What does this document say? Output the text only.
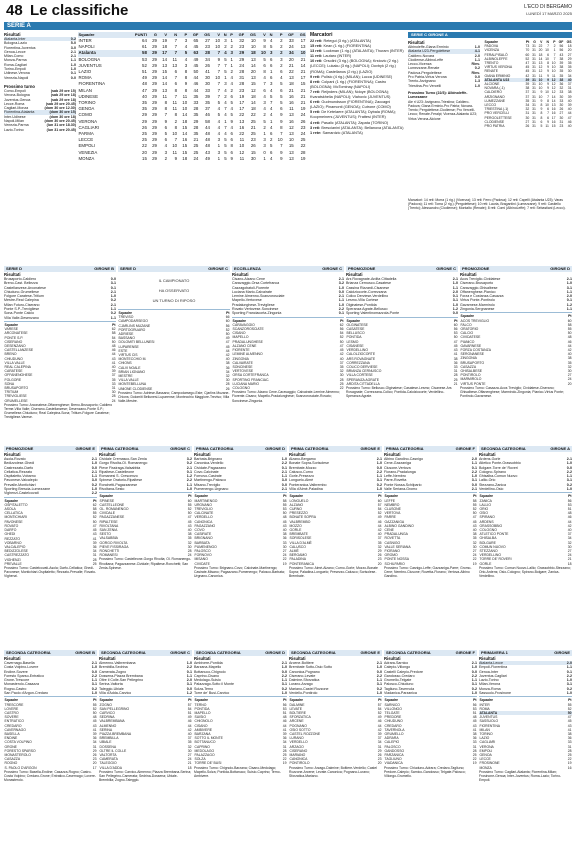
48 Le classifiche	L'ECO DI BERGAMO
LUNEDÌ 17 MARZO 2025
SERIE A
Risultati
Atalanta-Inter	0-2
Bologna-Lazio	5-0
Fiorentina-Juventus	3-0
Genoa-Lecce	2-1
Milan-Como	2-1
Monza-Parma	1-1
Roma-Cagliari	1-0
Torino-Empoli	1-0
Udinese-Verona	0-1
Venezia-Napoli	0-0
Prossimo turno
Como-Empoli	(sab 29 ore 15)
Verona-Bologna	(sab 29 ore 18)
Juventus-Genoa	(sab 29 ore 18)
Lecce-Roma	(sab 29 ore 20.45)
Cagliari-Monza	(dom 30 ore 12.30)
Fiorentina-Atalanta	(dom 30 ore 15)
Inter-Udinese	(dom 30 ore 18)
Napoli-Milan	(dom 30 ore 20.45)
Venezia-Parma	(lun 31 ore 18.30)
Lazio-Torino	(lun 31 ore 20.45)
Squadre	PUNTI	G	V	N	P	GF	GS	V	N	P	GF	GS	V	N	P	GF	GS
INTER	64	29	19	7	3	65	27	10	3	1	32	10	9	4	2	33	17
NAPOLI	61	29	18	7	4	45	23	10	2	2	23	10	8	5	2	24	13
Atalanta	58	29	17	7	5	63	28	7	4	3	29	18	10	3	2	34	10
BOLOGNA	53	29	14	11	4	49	34	9	5	1	29	13	5	6	3	20	21
JUVENTUS	52	29	13	13	3	45	26	7	7	1	24	14	6	6	2	21	14
LAZIO	51	29	15	6	8	50	41	7	5	2	28	20	8	1	6	22	21
ROMA	49	29	14	7	8	44	30	10	1	4	31	13	4	6	4	13	17
FIORENTINA	48	29	14	6	9	46	30	7	3	4	28	15	7	3	5	18	15
MILAN	47	29	13	8	8	44	33	7	4	2	23	12	6	4	6	21	21
UDINESE	40	29	11	7	11	35	39	7	2	6	19	18	4	5	5	16	21
TORINO	35	29	8	11	10	33	35	5	4	5	17	14	3	7	5	16	21
GENOA	35	29	8	11	10	28	37	4	7	4	17	18	4	4	6	11	19
COMO	29	29	7	8	14	35	46	5	4	5	22	22	2	4	9	13	24
VERONA	29	29	9	2	18	29	58	4	1	9	13	25	5	1	9	16	26
CAGLIARI	26	29	6	8	15	28	44	4	7	4	16	21	2	4	8	12	23
PARMA	25	29	5	10	14	35	48	4	4	6	22	25	1	6	7	13	24
LECCE	25	29	6	7	16	21	48	3	5	6	11	23	3	2	10	10	25
EMPOLI	22	29	4	10	15	25	48	1	5	8	10	26	3	5	7	15	22
VENEZIA	20	29	3	11	15	25	43	3	5	6	12	15	0	6	9	13	28
MONZA	15	29	2	9	18	24	49	1	5	9	11	30	1	4	9	13	19
Marcatori
22 reti: Retegui (3 rig.) (ATALANTA)
15 reti: Kean (1 rig.) (FIORENTINA)
13 reti: Lookman (1 rig.) (ATALANTA); Thuram (INTER)
11 reti: Lautaro (INTER)
10 reti: Orsolini (3 rig.) (BOLOGNA); Krstovic (2 rig.) (LECCE); Lukaku (3 rig.) (NAPOLI); Dovbyk (2 rig.) (ROMA); Castellanos (2 rig.) (LAZIO)
9 reti: Pulisic (4 rig.) (MILAN); Lucca (UDINESE)
8 reti: Colpani (1 rig.) (FIORENTINA); Castro (BOLOGNA); McTominay (NAPOLI)
7 reti: Reijnders (MILAN); Ndoye (BOLOGNA); Kvaratskhelia (NAPOLI); Vlahovic (JUVENTUS)
6 reti: Gudmundsson (FIORENTINA); Zaccagni (LAZIO); Pinamonti (GENOA); Cutrone (COMO)
5 reti: De Ketelaere (ATALANTA); Dybala (ROMA); Koopmeiners (JUVENTUS); Frattesi (INTER)
4 reti: Pasalic (ATALANTA); Zapata (TORINO)
3 reti: Brescianini (ATALANTA); Bellanova (ATALANTA)
1 rete: Samardzic (ATALANTA)
SERIE C GIRONE A
Risultati
Albinoleffe-Giana Erminio	1-0
Atalanta U23-Pergolettese	4-1
Caldiero-Novara	2-0
Clodiense-AlbinoLeffe	1-1
Lecco-Vicenza	Rinv.
Lumezzane-Renate	0-2
Padova-Pergolettese	Rinv.
Pro Patria-Virtus Verona	0-0
Trento-Arzignano	1-3
Triestina-Pro Vercelli	1-0
Prossimo Turno (22/3): Albinoleffe-Lumezzane
Ale ri U23: Arzignano-Triestina; Caldiero-Padova; Giana Erminio-Pro Patria; Novara-Trento; Pergolettese-Clodiense; Pro Vercelli-Lecco; Renate-Feralpi; Vicenza-Atalanta U23; Virtus Verona-Alcione
Squadre	Pt	G	V	N	P	GF	GS
PADOVA	73	31	22	7	2	56	18
VICENZA	70	31	20	10	1	56	20
FERALPISALÒ	60	31	18	6	7	43	27
ALBINOLEFFE	52	31	14	10	7	38	29
TRENTO	47	31	13	8	10	39	35
VIRTUS VERONA	45	31	12	9	10	38	35
RENATE	45	31	12	9	10	35	30
GIANA ERMINIO	42	31	11	9	11	35	34
ATALANTA U23	39	31	10	9	12	38	40
ALCIONE	39	31	10	9	12	36	37
NOVARA (-1)	38	31	10	9	12	32	31
CALDIERO	37	31	9	10	12	33	38
ARZIGNANO	37	31	10	7	14	30	39
LUMEZZANE	35	31	9	8	14	33	40
LECCO	34	31	8	10	13	30	39
TRIESTINA (-1)	32	31	9	6	16	26	40
PRO VERCELLI	31	31	8	7	16	27	44
PERGOLETTESE	30	31	8	6	17	30	47
CLODIENSE	27	31	6	9	16	31	46
PRO PATRIA	26	31	5	11	15	23	40
Marcatori: 14 reti: Morra (1 rig.) (Vicenza); 13 reti: Ferro (Padova); 12 reti: Capelli (Atalanta U23); Varas (Padova); 11 reti: Toma (2 rig.) (Pergolettese); 10 reti: Lauria, Bragantini (Lumezzane); 9 reti: Castiello (Trento); Alessandro (Clodiense); Montalto (Renate); 8 reti: Comi (AlbinoLeffe); 7 reti: Sebastiani (Lecco).
SERIE D	GIRONE B
Risultati
Brusaporto-Caldiero	0-0
Breno-Cast. Bellezza	3-1
Castellanzese-Arconatese	0-1
Chiuduno-Grumellese	2-1
Folgore Caratese-Tritium	1-0
Mestre-Real Calepina	0-2
Milan Futuro-Ciserano	2-1
Ponte S.P.-Trevigliese	1-1
Sona-Ponte Calcio	0-2
Villa Valle-Desenzano	1-1
Squadre	Pt
VARESE	62
ARCONATESE	58
PONTE S.P.	54
CISERANO	50
DESENZANO	48
CASTELLANZESE	46
BRENO	44
CHIUDUNO	43
VILLA VALLE	41
REAL CALEPINA	40
CARATESE	39
OFFANENGHESE	37
FOLGORE	35
SONA	33
BRUSAPORTO	31
TRITIUM	30
TREVIGLIESE	28
GRUMELLESE	24
Prossimo Turno: Arconatese-Offanenghese; Breno-Brusaporto; Caldiero Terme-Villa Valle; Ciserano-Castellanzese; Desenzano-Ponte S.P.; Grumellese-Chiuduno; Real Calepina-Sona; Tritium-Folgore Caratese; Trevigliese-Varese.
SERIE D	GIRONE C
IL CAMPIONATO

HA OSSERVATO

UN TURNO DI RIPOSO

Squadre	Pt
TREVISO	66
CAMPODARSEGO	60
CJARLINS MUZANE	56
PORTOGRUARO	52
ADRIESE	50
BASSANO	49
DOLOMITI BELLUNESI	47
LUPARENSE	45
ESTE	44
VIRTUS CIS	42
MONTECCHIO M.	40
CHIONS	38
CALVI NOALE	36
BRIAN LIGNANO	34
MESTRE	32
VILLA VALLE	30
MONTEBELLUNA	28
UNIONE CLODIENSE	26
Prossimo Turno: Adriese-Bassano; Campodarsego-Este; Cjarlins Muzane-Chions; Dolomiti Bellunesi-Luparense; Montecchio Maggiore-Treviso; Villa Valle-Mestre.
ECCELLENZA	GIRONE C
Risultati
Cisano-Alzano Cene	2-1
Caravaggio-Orsa Cortefranca	3-2
Cazzagobatoli-Fiorente	1-0
Luciana Mario-Calvairate	0-0
Lemine Almenno-Scanzorosciate	2-1
Mapello-Vertovese	1-1
Pradalunghese-Trevigliese	1-0
Rovato Vertovese-Soncinese	2-2
Sporting Franciacorta-Zingonia	0-1
Squadre	Pt
CARAVAGGIO	62
SCANZOROSCIATE	56
CISANO	54
MAPELLO	52
PRADALUNGHESE	50
ALZANO CENE	47
FIORENTE	45
LEMINE ALMENNO	42
ZINGONIA	40
CALVAIRATE	37
SONCINESE	35
VERTOVESE	32
ORSA CORTEFRANCA	30
SPORTING FRANCIAC.	28
LUCIANA MARIO	25
COLOGNO	22
Prossimo Turno: Alzano Cene-Caravaggio; Calvairate-Lemine Almenno; Fiorente-Cisano; Mapello-Pradalunghese; Scanzorosciate-Rovato; Soncinese-Zingonia.
PROMOZIONE	GIRONE C
Risultati
Ars Rovagnate-Ardita Cittadella	2-1
Brianza Cernusco-Casatese	1-0
Cassina Rizzardi-Cisanese	1-1
Calolziocorte-Correzzana	2-0
Colico Derviese-Verdellino	0-1
Lesmo-Villa Cortese	3-1
Olginatese-Pontida	1-0
Speranza Agrate-Bellusco	1-2
Sporting Valentinomazzola-Ponte	0-0
Squadre	Pt
OLGINATESE	60
CASATESE	56
BELLUSCO	53
PONTIDA	50
LESMO	47
CISANESE	45
VERDELLINO	43
CALOLZIOCORTE	41
ARS ROVAGNATE	38
CORREZZANA	36
COLICO DERVIESE	33
BRIANZA CERNUSCO	31
VILLA CORTESE	28
SPERANZA AGRATE	25
ARDITA CITTADELLA	21
Prossimo Turno: Bellusco-Olginatese; Casatese-Lesmo; Cisanese-Ars Rovagnate; Correzzana-Colico; Pontida-Calolziocorte; Verdellino-Speranza Agrate.
PROMOZIONE	GIRONE D
Risultati
Acos Treviglio-Cividatese	2-1
Ciserano-Brusaporto	1-0
Caravaggio-Ghisalbese	3-1
Offanenghese-Pianico	1-1
Forza e Costanza-Casazza	2-0
Virtus Ponte-Pontirolo	0-1
Gavarnese-Marmirolo	1-2
Zingonia-Sergnanese	1-1
Squadre	Pt
ACOS TREVIGLIO	60
FALCO	58
ORATORIO	55
CALCIO	50
CIVIDATESE	48
PIANICO	46
GAVARNESE	44
FORZA COSTANZA	42
SERGNANESE	40
ZINGONIA	38
BRUSAPORTO	35
CASAZZA	32
GHISALBESE	30
PONTIROLO	27
MARMIROLO	24
VIRTUS PONTE	20
Prossimo Turno: Casazza-Acos Treviglio; Cividatese-Ciserano; Ghisalbese-Offanenghese; Marmirolo-Zingonia; Pianico-Virtus Ponte; Pontirolo-Gavarnese.
PROMOZIONE	GIRONE E
Risultati
Asola-Rovato	2-1
Bedizzolese-Ghedi	1-0
Castrezzato-Darfo	0-0
Cellatica-Rezzato	2-1
Ospitaletto-Vobarno	1-1
Pavonese-Valcalepio	3-0
Prevalle-Montichiari	0-2
Sporting Brescia-Lumezzane	1-0
Vighenzi-Castelcovati	2-2
Squadre	Pt
OSPITALETTO	62
ASOLA	58
CELLATICA	55
MONTICHIARI	52
PAVONESE	50
ROVATO	47
DARFO	45
GHEDI	43
REZZATO	41
VOBARNO	39
VALCALEPIO	36
BEDIZZOLESE	34
CASTREZZATO	31
VIGHENZI	28
PREVALLE	25
Prossimo Turno: Castelcovati-Asola; Darfo-Cellatica; Ghedi-Pavonese; Montichiari-Ospitaletto; Rezzato-Prevalle; Rovato-Vighenzi.
PRIMA CATEGORIA	GIRONE C
Risultati
Cividale Cremasco-San Zenia	3-2
Gorgo Rivolta-Ol. Romanengo	0-2
Pieve Fissiraga-Valsabbia	2-1
Ripaltese-Castelleone	0-1
Romanesi S. Crescenzo	1-2
Spinese Oratorio-Ripaltese	2-2
Ronchetti-Pagazzanese	1-1
Rivoltana-Sesto	1-0
Squadre	Pt
SPINESE	60
CASTELLEONE	55
OL. ROMANENGO	52
CIVIDALE	50
PAGAZZANESE	47
RIPALTESE	45
RIVOLTANA	43
SAN ZENIA	40
SESTO	38
VALSABBIA	35
GORGO RIVOLTA	32
PIEVE FISSIRAGA	30
RONCHETTI	28
ROMANESI	24
Prossimo Turno: Castelleone-Gorgo Rivolta; Ol. Romanengo-Rivoltana; Pagazzanese-Cividale; Ripaltese-Ronchetti; San Zenia-Spinese.
PRIMA CATEGORIA	GIRONE D
Risultati
Barbata-Brignano	1-0
Canonica-Verdello	2-2
Cividate-Pagazzano	0-1
Covo-Calcinate	2-1
Fornovo-Casirate	1-1
Martinengo-Palosco	3-0
Misano-Treviglio	0-0
Pumenengo-Urgnano	2-1
Squadre	Pt
MARTINENGO	58
URGNANO	55
TREVIGLIO	53
CALCINATE	50
VERDELLO	48
CANONICA	45
PAGAZZANO	43
COVO	40
CASIRATE	38
BRIGNANO	36
BARBATA	33
PUMENENGO	30
PALOSCO	27
FORNOVO	24
MISANO	22
CIVIDATE	19
Prossimo Turno: Brignano-Covo; Calcinate-Martinengo; Casirate-Misano; Pagazzano-Pumenengo; Palosco-Barbata; Urgnano-Canonica.
PRIMA CATEGORIA	GIRONE E
Risultati
Alzano-Bergamo	2-1
Bonate Sopra-Sorisolese	1-0
Brembate-Mozzo	0-0
Calusco-Curno	2-2
Gorle-Presezzo	1-1
Longuelo-Almè	3-1
Ponteranica-Valbrembo	0-2
Villa d'Almè-Paladina	1-0
Squadre	Pt
LONGUELO	60
ALZANO	57
CURNO	54
PRESEZZO	52
BONATE SOPRA	49
VALBREMBO	46
MOZZO	44
GORLE	42
BREMBATE	40
SORISOLESE	37
VILLA D'ALMÈ	35
CALUSCO	32
ALMÈ	29
BERGAMO	26
PALADINA	23
PONTERANICA	20
Prossimo Turno: Almè-Alzano; Curno-Gorle; Mozzo-Bonate Sopra; Paladina-Longuelo; Presezzo-Calusco; Sorisolese-Brembate.
PRIMA CATEGORIA	GIRONE F
Risultati
Albino Gandino-Casnigo	2-0
Cene-Gazzaniga	1-1
Clusone-Vertova	0-1
Fiorano-Pradalunga	2-2
Leffe-Nembro	1-0
Parre-Rovetta	3-1
Ponte Nossa-Schilpario	0-0
Valle Seriana-Gromo	2-1
Squadre	Pt
LEFFE	58
NEMBRO	55
CLUSONE	52
VERTOVA	50
PARRE	47
GAZZANIGA	45
ALBINO GANDINO	43
CENE	40
PRADALUNGA	38
ROVETTA	35
CASNIGO	32
VALLE SERIANA	30
FIORANO	27
GROMO	24
PONTE NOSSA	22
SCHILPARIO	19
Prossimo Turno: Casnigo-Leffe; Gazzaniga-Parre; Gromo-Cene; Nembro-Clusone; Rovetta-Fiorano; Vertova-Albino Gandino.
SECONDA CATEGORIA	GIRONE A
Risultati
Ardens-Gorle	2-1
Atletico Ponte-Grassobbio	1-0
Bolgare-Torre de' Roveri	0-0
Cologno-Spirano	2-2
Ghisalba-Comun Nuovo	1-1
Lallio-Orio	3-1
Stezzano-Zanica	0-2
Verdellino-Osio	1-0
Squadre	Pt
ZANICA	56
LALLIO	53
ORIO	51
OSIO	48
SPIRANO	46
ARDENS	44
GRASSOBBIO	42
COLOGNO	40
ATLETICO PONTE	37
GHISALBA	34
BOLGARE	32
COMUN NUOVO	30
STEZZANO	27
VERDELLINO	24
TORRE DE' ROVERI	21
GORLE	18
Prossimo Turno: Comun Nuovo-Lallio; Grassobbio-Stezzano; Orio-Ardens; Osio-Cologno; Spirano-Bolgare; Zanica-Verdellino.
SECONDA CATEGORIA	GIRONE B
Risultati
Cavernago-Basella	2-1
Costa Volpino-Lovere	1-0
Endine-Sovere	0-0
Foresto Sparso-Entratico	2-2
Grone-Trescore	1-1
Monasterolo-Casazza	3-1
Rogno-Castro	0-2
San Paolo d'Argon-Credaro	1-0
Squadre	Pt
TRESCORE	55
LOVERE	52
CASTRO	50
SOVERE	48
ENTRATICO	45
CREDARO	43
CAVERNAGO	41
BASELLA	39
ENDINE	36
COSTA VOLPINO	34
GRONE	31
FORESTO SPARSO	29
MONASTEROLO	26
CASAZZA	23
ROGNO	20
S. PAOLO D'ARGON	17
Prossimo Turno: Basella-Endine; Casazza-Rogno; Castro-Costa Volpino; Credaro-Grone; Entratico-Cavernago; Lovere-Monasterolo.
SECONDA CATEGORIA	GIRONE C
Risultati
Almenno-Valbrembana	1-0
Brembilla-Sedrina	2-2
Camerata-Zogno	0-1
Dossena-Piazza Brembana	1-1
Oltre il Colle-San Pellegrino	2-0
Serina-Valtorta	3-1
Taleggio-Ubiale	0-0
Villa d'Adda-Carvico	1-2
Squadre	Pt
ZOGNO	57
SAN PELLEGRINO	54
CARVICO	51
SEDRINA	49
VALBREMBANA	46
ALMENNO	44
SERINA	42
PIAZZA BREMBANA	40
BREMBILLA	37
UBIALE	35
DOSSENA	32
OLTRE IL COLLE	30
VALTORTA	27
CAMERATA	24
TALEGGIO	21
VILLA D'ADDA	18
Prossimo Turno: Carvico-Almenno; Piazza Brembana-Serina; San Pellegrino-Camerata; Sedrina-Dossena; Ubiale-Brembilla; Zogno-Taleggio.
SECONDA CATEGORIA	GIRONE D
Risultati
Ambivere-Pontida	2-1
Barzana-Mapello	1-0
Bottanuco-Chignolo	0-0
Caprino-Cisano	2-2
Medolago-Suisio	1-1
Palazzago-Sotto il Monte	3-1
Solza-Terno	0-2
Torre de' Busi-Carvico	1-0
Squadre	Pt
TERNO	56
PONTIDA	53
MAPELLO	51
SUISIO	48
CHIGNOLO	46
CISANO	44
AMBIVERE	41
BARZANA	39
SOTTO IL MONTE	36
BOTTANUCO	34
CAPRINO	31
MEDOLAGO	28
PALAZZAGO	25
SOLZA	22
TORRE DE' BUSI	19
Prossimo Turno: Chignolo-Barzana; Cisano-Medolago; Mapello-Solza; Pontida-Bottanuco; Suisio-Caprino; Terno-Ambivere.
SECONDA CATEGORIA	GIRONE E
Risultati
Arcene-Boltiere	2-1
Brembate Sotto-Osio Sotto	1-0
Canonica-Pognano	0-0
Ciserano-Levate	2-2
Dalmine-Sforzatica	1-1
Lurano-Arzago	3-1
Mariano-Castel Rozzone	0-2
Verdello-Pontirolo	1-0
Squadre	Pt
DALMINE	57
LEVATE	54
BOLTIERE	52
SFORZATICA	49
ARCENE	46
POGNANO	44
OSIO SOTTO	42
CASTEL ROZZONE	39
LURANO	37
VERDELLO	34
ARZAGO	31
CISERANO	29
MARIANO	26
CANONICA	23
PONTIROLO	20
Prossimo Turno: Arzago-Dalmine; Boltiere-Verdello; Castel Rozzone-Arcene; Levate-Canonica; Pognano-Lurano; Sforzatica-Mariano.
SECONDA CATEGORIA	GIRONE F
Risultati
Adrara-Sarnico	2-1
Calepio-Villongo	1-0
Castelli Calepio-Predore	0-0
Gandosso-Credaro	2-2
Grumello-Telgate	1-1
Palosco-Chiuduno	3-1
Tagliuno-Tavernola	0-2
Viadanica-Parzanica	1-0
Squadre	Pt
SARNICO	56
VILLONGO	53
TELGATE	51
PREDORE	48
CHIUDUNO	45
CREDARO	43
TAVERNOLA	41
GRUMELLO	38
ADRARA	36
CALEPIO	33
PALOSCO	31
GANDOSSO	28
PARZANICA	25
TAGLIUNO	22
VIADANICA	19
Prossimo Turno: Chiuduno-Adrara; Credaro-Tagliuno; Predore-Calepio; Sarnico-Gandosso; Telgate-Palosco; Villongo-Grumello.
PRIMAVERA 1	GIRONE
Risultati
Atalanta-Lecce	2-0
Empoli-Fiorentina	1-1
Genoa-Inter	0-1
Juventus-Cagliari	2-2
Lazio-Torino	1-0
Milan-Verona	3-1
Monza-Roma	0-2
Sassuolo-Frosinone	1-0
Squadre	Pt
INTER	55
ROMA	52
ATALANTA	50
JUVENTUS	47
SASSUOLO	45
FIORENTINA	43
MILAN	41
TORINO	38
LAZIO	36
CAGLIARI	33
VERONA	31
EMPOLI	28
GENOA	25
LECCE	22
FROSINONE	19
MONZA	16
Prossimo Turno: Cagliari-Atalanta; Fiorentina-Milan; Frosinone-Genoa; Inter-Juventus; Roma-Lazio; Torino-Empoli.
